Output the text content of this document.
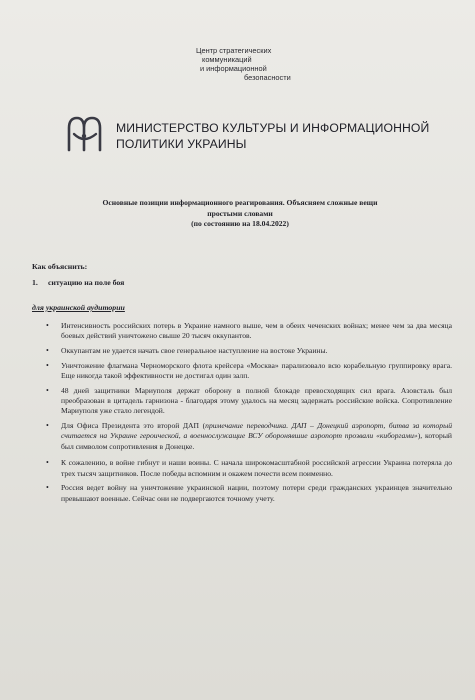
Центр стратегических
коммуникаций
и информационной
безопасности
МИНИСТЕРСТВО КУЛЬТУРЫ И ИНФОРМАЦИОННОЙ
ПОЛИТИКИ УКРАИНЫ
Основные позиции информационного реагирования. Объясняем сложные вещи
простыми словами
(по состоянию на 18.04.2022)
Как объяснить:
1. ситуацию на поле боя
для украинской аудитории
• Интенсивность российских потерь в Украине намного выше, чем в обеих чеченских войнах; менее чем за два месяца боевых действий уничтожено свыше 20 тысяч оккупантов.
• Оккупантам не удается начать свое генеральное наступление на востоке Украины.
• Уничтожение флагмана Черноморского флота крейсера «Москва» парализовало всю корабельную группировку врага. Еще никогда такой эффективности не достигал один залп.
• 48 дней защитники Мариуполя держат оборону в полной блокаде превосходящих сил врага. Азовсталь был преобразован в цитадель гарнизона - благодаря этому удалось на месяц задержать российские войска. Сопротивление Мариуполя уже стало легендой.
• Для Офиса Президента это второй ДАП (примечание переводчика. ДАП – Донецкий аэропорт, битва за который считается на Украине героической, а военнослужащие ВСУ оборонявшие аэропорт прозвали «киборгами»), который был символом сопротивления в Донецке.
• К сожалению, в войне гибнут и наши воины. С начала широкомасштабной российской агрессии Украина потеряла до трех тысяч защитников. После победы вспомним и окажем почести всем поименно.
• Россия ведет войну на уничтожение украинской нации, поэтому потери среди гражданских украинцев значительно превышают военные. Сейчас они не подвергаются точному учету.
